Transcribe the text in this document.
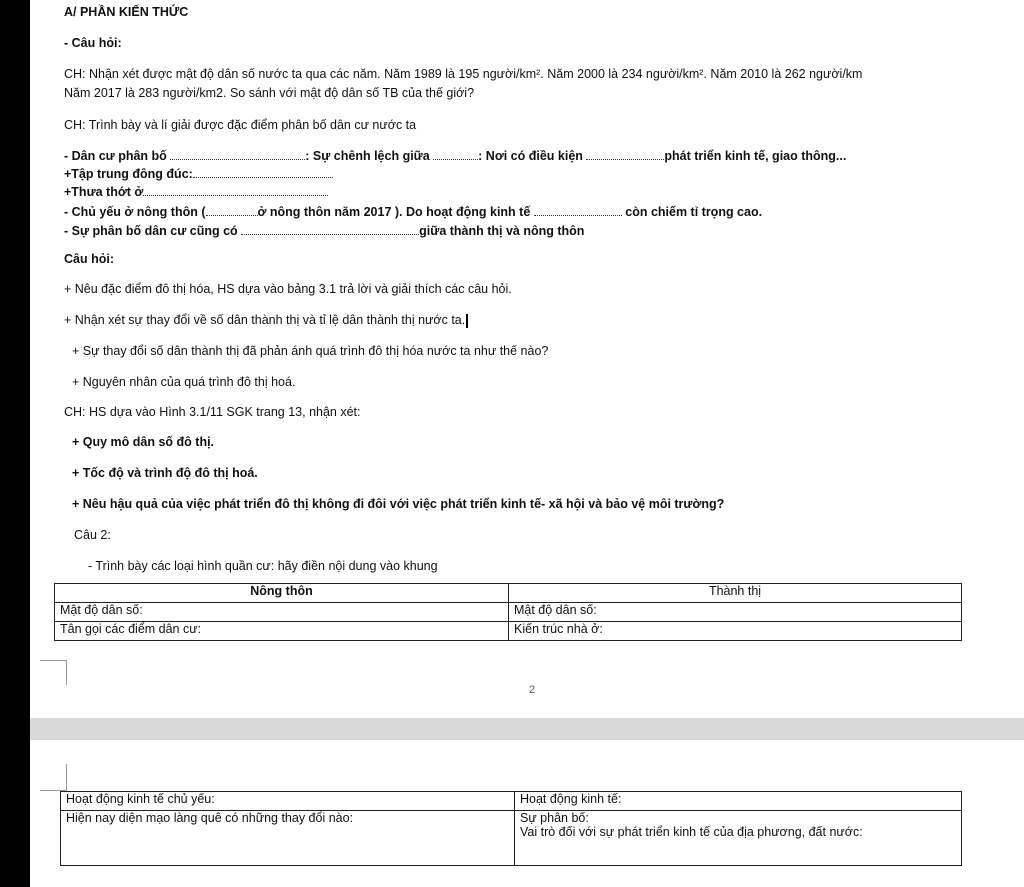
A/ PHẦN KIẾN THỨC
- Câu hỏi:
CH: Nhận xét được mật độ dân số nước ta qua các năm. Năm 1989 là 195 người/km². Năm 2000 là 234 người/km². Năm 2010 là 262 người/km
Năm 2017 là 283 người/km2. So sánh với mật độ dân số TB của thế giới?
CH: Trình bày và lí giải được đặc điểm phân bố dân cư nước ta
- Dân cư phân bố	: Sự chênh lệch giữa	: Nơi có điều kiện	phát triển kinh tế, giao thông...
+Tập trung đông đúc:
+Thưa thớt ở
- Chủ yếu ở nông thôn (	ở nông thôn năm 2017 ). Do hoạt động kinh tế	còn chiếm tỉ trọng cao.
- Sự phân bố dân cư cũng có	giữa thành thị và nông thôn
Câu hỏi:
+ Nêu đặc điểm đô thị hóa, HS dựa vào bảng 3.1 trả lời và giải thích các câu hỏi.
+ Nhận xét sự thay đổi về số dân thành thị và tỉ lệ dân thành thị nước ta.
+ Sự thay đổi số dân thành thị đã phản ánh quá trình đô thị hóa nước ta như thế nào?
+ Nguyên nhân của quá trình đô thị hoá.
CH: HS dựa vào Hình 3.1/11 SGK trang 13, nhận xét:
+ Quy mô dân số đô thị.
+ Tốc độ và trình độ đô thị hoá.
+ Nêu hậu quả của việc phát triển đô thị không đi đôi với việc phát triển kinh tế- xã hội và bảo vệ môi trường?
Câu 2:
- Trình bày các loại hình quần cư: hãy điền nội dung vào khung
Nông thôn	Thành thị
Mật độ dân số:	Mật độ dân số:
Tân gọi các điểm dân cư:	Kiến trúc nhà ở:
2
Hoạt động kinh tế chủ yếu:	Hoạt động kinh tế:
Hiện nay diện mạo làng quê có những thay đổi nào:	Sự phân bố:
Vai trò đối với sự phát triển kinh tế của địa phương, đất nước:
